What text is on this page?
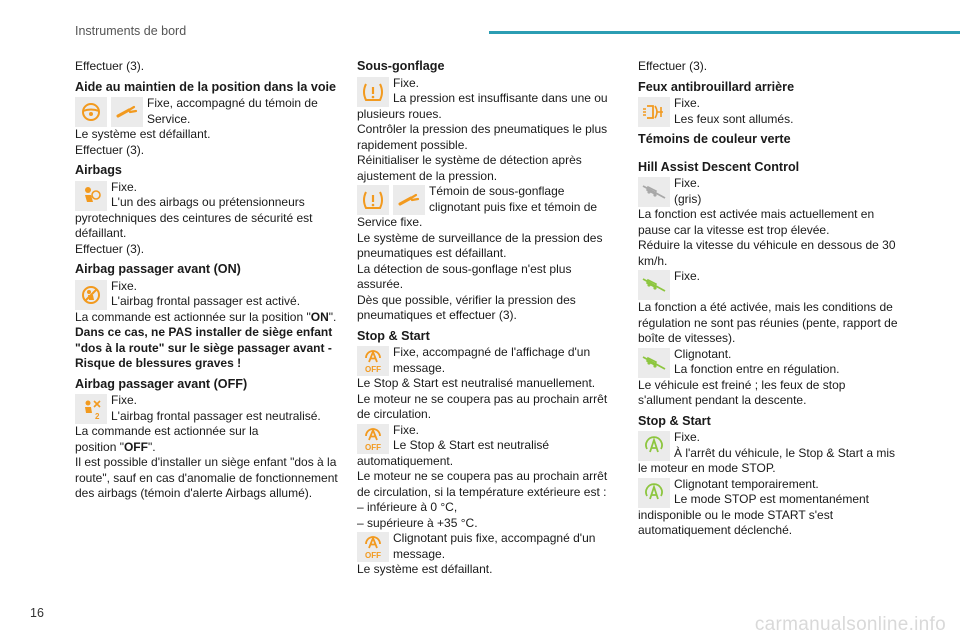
Instruments de bord

Effectuer (3).

Aide au maintien de la position dans la voie

Fixe, accompagné du témoin de Service.

Le système est défaillant.

Effectuer (3).

Airbags

Fixe.

L'un des airbags ou prétensionneurs pyrotechniques des ceintures de sécurité est défaillant.

Effectuer (3).

Airbag passager avant (ON)

Fixe.

L'airbag frontal passager est activé.

La commande est actionnée sur la position "ON".

Dans ce cas, ne PAS installer de siège enfant "dos à la route" sur le siège passager avant - Risque de blessures graves !

Airbag passager avant (OFF)
2

Fixe.

L'airbag frontal passager est neutralisé.

La commande est actionnée sur la

position "OFF".

Il est possible d'installer un siège enfant "dos à la route", sauf en cas d'anomalie de fonctionnement des airbags (témoin d'alerte Airbags allumé).

Sous-gonflage

Fixe.

La pression est insuffisante dans une ou plusieurs roues.

Contrôler la pression des pneumatiques le plus rapidement possible.

Réinitialiser le système de détection après ajustement de la pression.

Témoin de sous-gonflage clignotant puis fixe et témoin de Service fixe.

Le système de surveillance de la pression des pneumatiques est défaillant.

La détection de sous-gonflage n'est plus assurée.

Dès que possible, vérifier la pression des pneumatiques et effectuer (3).

Stop & Start
OFF

Fixe, accompagné de l'affichage d'un message.

Le Stop & Start est neutralisé manuellement.

Le moteur ne se coupera pas au prochain arrêt de circulation.

OFF

Fixe.

Le Stop & Start est neutralisé automatiquement.

Le moteur ne se coupera pas au prochain arrêt de circulation, si la température extérieure est :

– inférieure à 0 °C,

– supérieure à +35 °C.

OFF

Clignotant puis fixe, accompagné d'un message.

Le système est défaillant.

Effectuer (3).

Feux antibrouillard arrière

Fixe.

Les feux sont allumés.

Témoins de couleur verte
Hill Assist Descent Control

Fixe.

(gris)

La fonction est activée mais actuellement en pause car la vitesse est trop élevée.

Réduire la vitesse du véhicule en dessous de 30 km/h.

Fixe.

La fonction a été activée, mais les conditions de régulation ne sont pas réunies (pente, rapport de boîte de vitesses).

Clignotant.

La fonction entre en régulation.

Le véhicule est freiné ; les feux de stop s'allument pendant la descente.

Stop & Start

Fixe.

À l'arrêt du véhicule, le Stop & Start a mis le moteur en mode STOP.

Clignotant temporairement.

Le mode STOP est momentanément indisponible ou le mode START s'est automatiquement déclenché.

16
carmanualsonline.info
